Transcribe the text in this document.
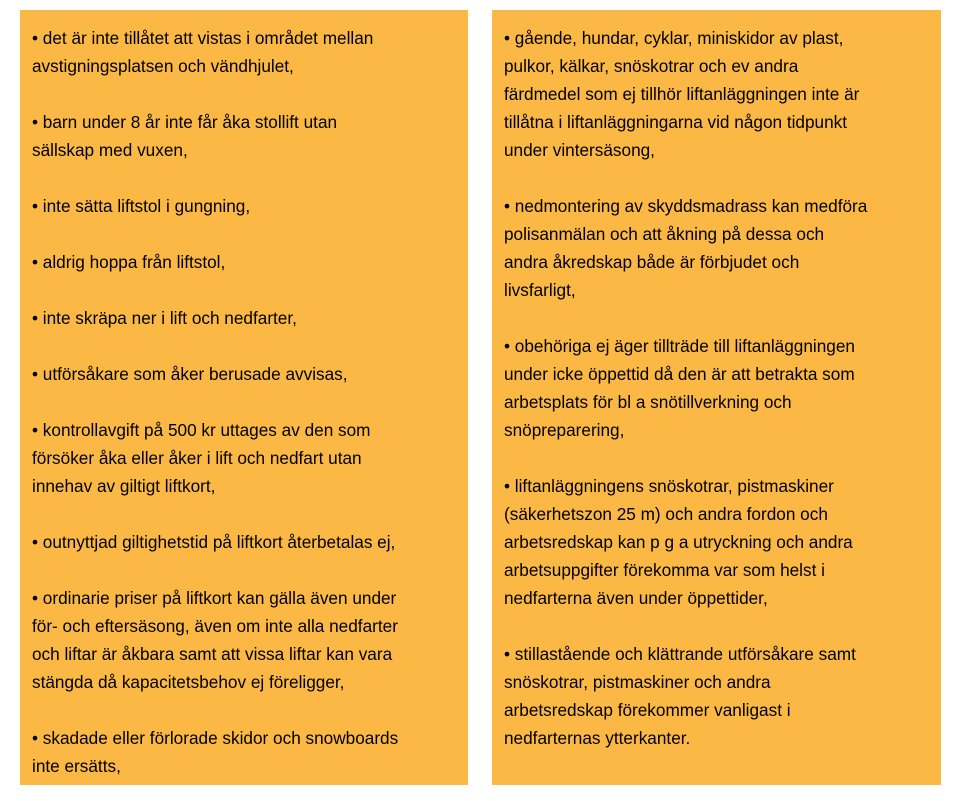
• det är inte tillåtet att vistas i området mellan
avstigningsplatsen och vändhjulet,

• barn under 8 år inte får åka stollift utan
sällskap med vuxen,

• inte sätta liftstol i gungning,

• aldrig hoppa från liftstol,

• inte skräpa ner i lift och nedfarter,

• utförsåkare som åker berusade avvisas,

• kontrollavgift på 500 kr uttages av den som
försöker åka eller åker i lift och nedfart utan
innehav av giltigt liftkort,

• outnyttjad giltighetstid på liftkort återbetalas ej,

• ordinarie priser på liftkort kan gälla även under
för- och eftersäsong, även om inte alla nedfarter
och liftar är åkbara samt att vissa liftar kan vara
stängda då kapacitetsbehov ej föreligger,

• skadade eller förlorade skidor och snowboards
inte ersätts,

• gående, hundar, cyklar, miniskidor av plast,
pulkor, kälkar, snöskotrar och ev andra
färdmedel som ej tillhör liftanläggningen inte är
tillåtna i liftanläggningarna vid någon tidpunkt
under vintersäsong,

• nedmontering av skyddsmadrass kan medföra
polisanmälan och att åkning på dessa och
andra åkredskap både är förbjudet och
livsfarligt,

• obehöriga ej äger tillträde till liftanläggningen
under icke öppettid då den är att betrakta som
arbetsplats för bl a snötillverkning och
snöpreparering,

• liftanläggningens snöskotrar, pistmaskiner
(säkerhetszon 25 m) och andra fordon och
arbetsredskap kan p g a utryckning och andra
arbetsuppgifter förekomma var som helst i
nedfarterna även under öppettider,

• stillastående och klättrande utförsåkare samt
snöskotrar, pistmaskiner och andra
arbetsredskap förekommer vanligast i
nedfarternas ytterkanter.
